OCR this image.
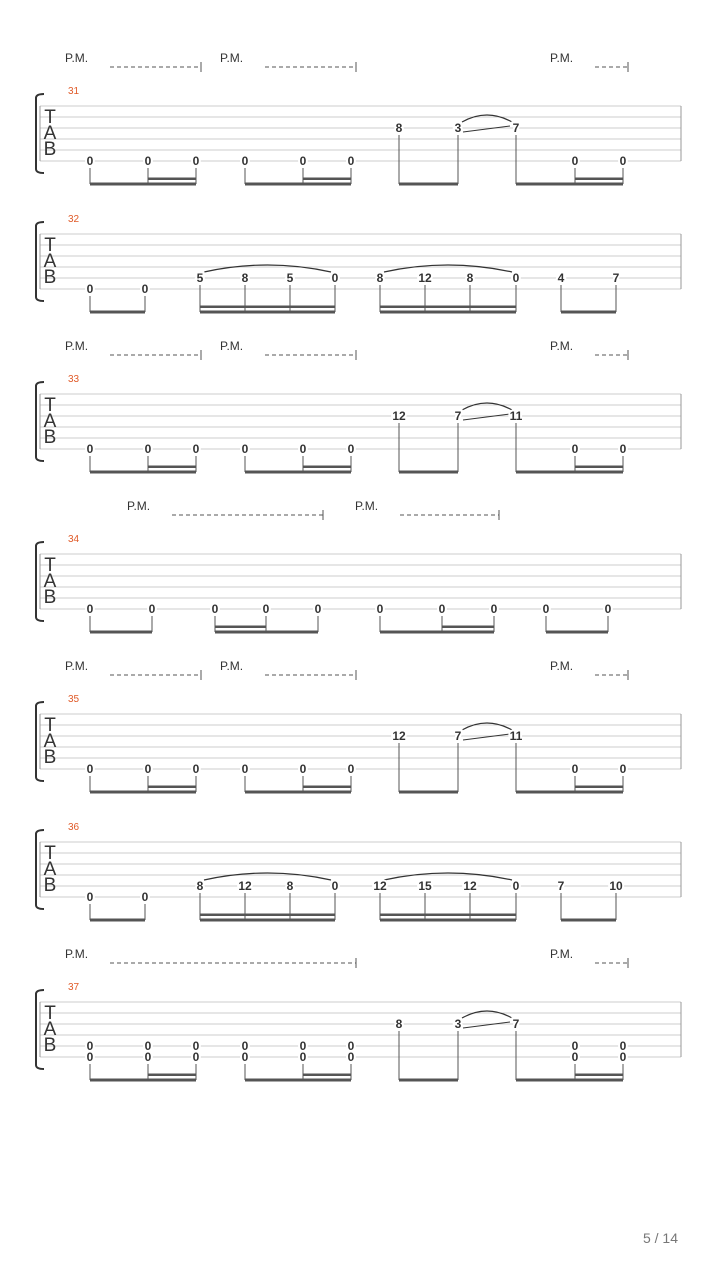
T
A
B
31
P.M.	P.M.	P.M.
0	0	0	0	0	0
8	3	7
0	0
T
A
B
32
0	0
5	8	5	0	8	12	8	0	4	7
T
A
B
33
P.M.	P.M.	P.M.
0	0	0	0	0	0
12	7	11
0	0
T
A
B
34
P.M.	P.M.
0	0	0	0	0	0	0	0	0	0
T
A
B
35
P.M.	P.M.	P.M.
0	0	0	0	0	0
12	7	11
0	0
T
A
B
36
0	0
8	12	8	0	12	15	12	0	7	10
T
A
B
37
P.M.	P.M.
0
0
0
0
0
0
0
0
0
0
0
0
8	3	7
0
0
0
0
5 / 14
